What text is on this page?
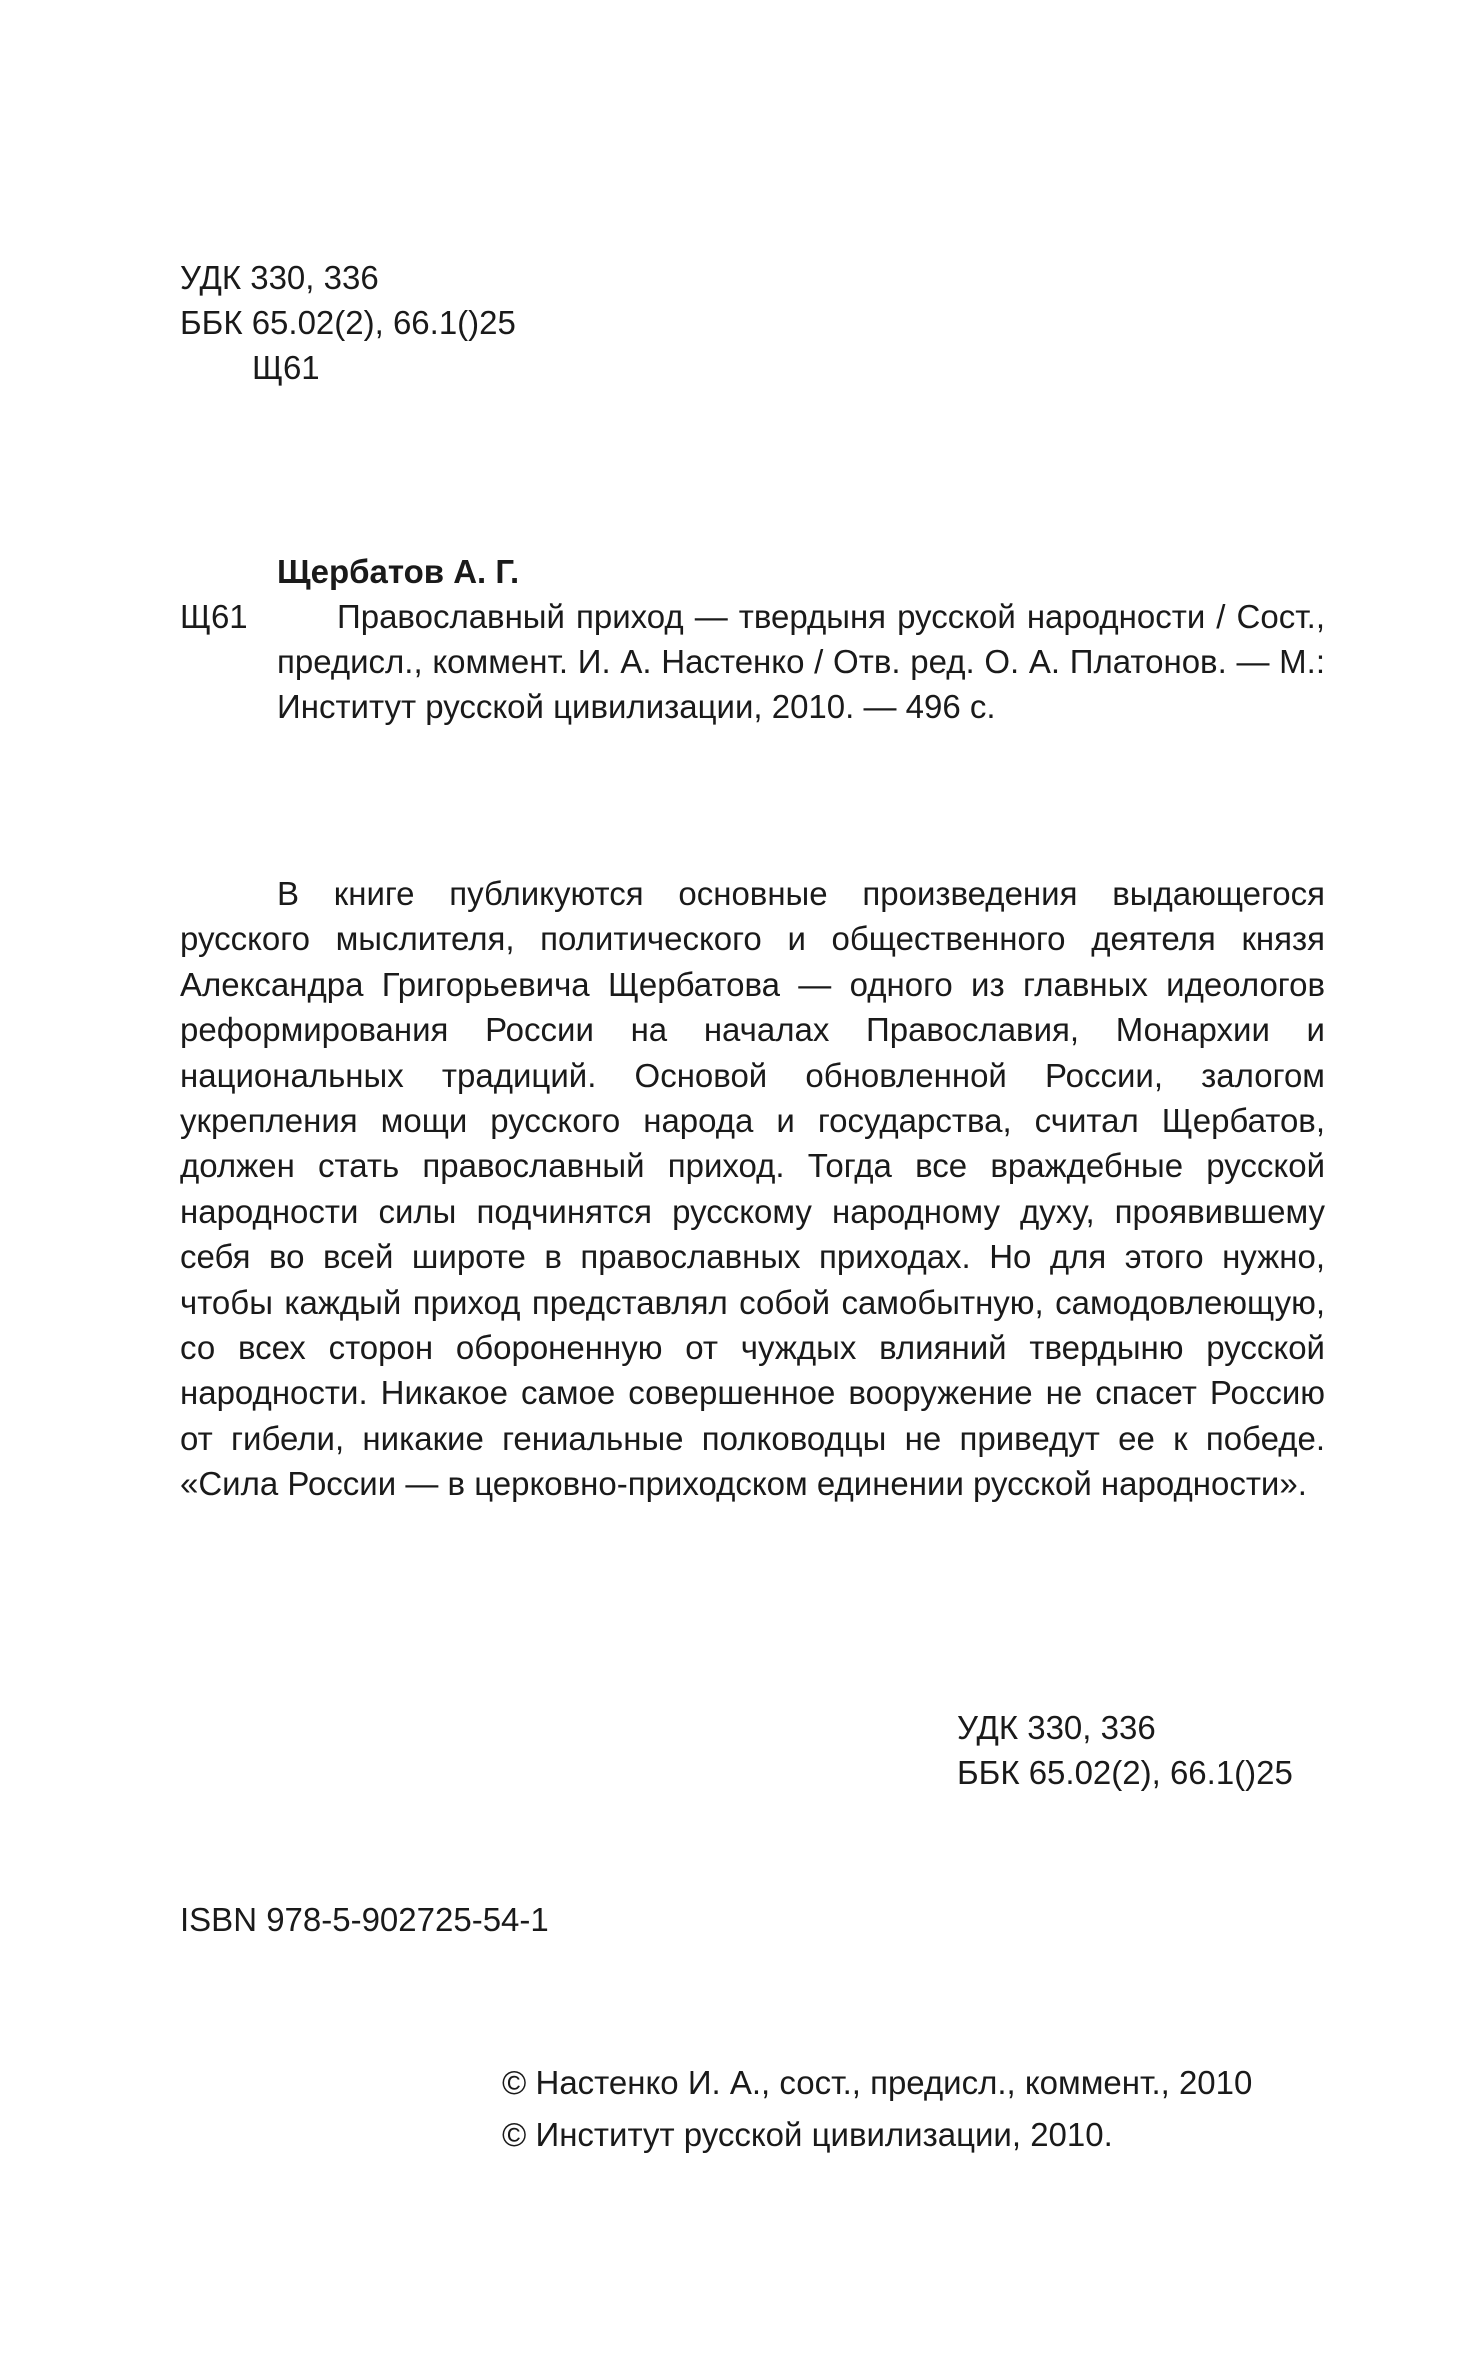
УДК 330, 336
ББК 65.02(2), 66.1()25
Щ61
Щербатов А. Г.
Щ61	Православный приход — твердыня русской народности / Сост., предисл., коммент. И. А. Настенко / Отв. ред. О. А. Платонов. — М.: Институт русской цивилизации, 2010. — 496 с.
В книге публикуются основные произведения выдающегося русского мыслителя, политического и общественного деятеля князя Александра Григорьевича Щербатова — одного из главных идеологов реформирования России на началах Православия, Монархии и национальных традиций. Основой обновленной России, залогом укрепления мощи русского народа и государства, считал Щербатов, должен стать православный приход. Тогда все враждебные русской народности силы подчинятся русскому народному духу, проявившему себя во всей широте в православных приходах. Но для этого нужно, чтобы каждый приход представлял собой самобытную, самодовлеющую, со всех сторон обороненную от чуждых влияний твердыню русской народности. Никакое самое совершенное вооружение не спасет Россию от гибели, никакие гениальные полководцы не приведут ее к победе. «Сила России — в церковно-приходском единении русской народности».
УДК 330, 336
ББК 65.02(2), 66.1()25
ISBN 978-5-902725-54-1
© Настенко И. А., сост., предисл., коммент., 2010
© Институт русской цивилизации, 2010.
